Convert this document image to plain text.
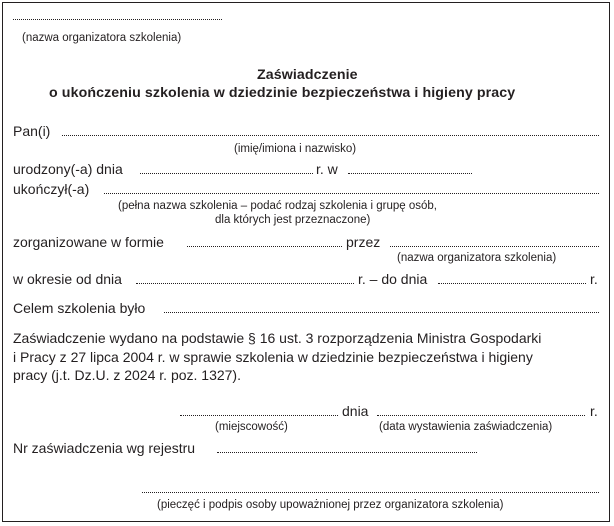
(nazwa organizatora szkolenia)
Zaświadczenie
o ukończeniu szkolenia w dziedzinie bezpieczeństwa i higieny pracy
Pan(i)
(imię/imiona i nazwisko)
urodzony(-a) dnia	r. w
ukończył(-a)
(pełna nazwa szkolenia – podać rodzaj szkolenia i grupę osób,
dla których jest przeznaczone)
zorganizowane w formie	przez
(nazwa organizatora szkolenia)
w okresie od dnia	r. – do dnia	r.
Celem szkolenia było
Zaświadczenie wydano na podstawie § 16 ust. 3 rozporządzenia Ministra Gospodarki
i Pracy z 27 lipca 2004 r. w sprawie szkolenia w dziedzinie bezpieczeństwa i higieny
pracy (j.t. Dz.U. z 2024 r. poz. 1327).
dnia	r.
(miejscowość)	(data wystawienia zaświadczenia)
Nr zaświadczenia wg rejestru
(pieczęć i podpis osoby upoważnionej przez organizatora szkolenia)
